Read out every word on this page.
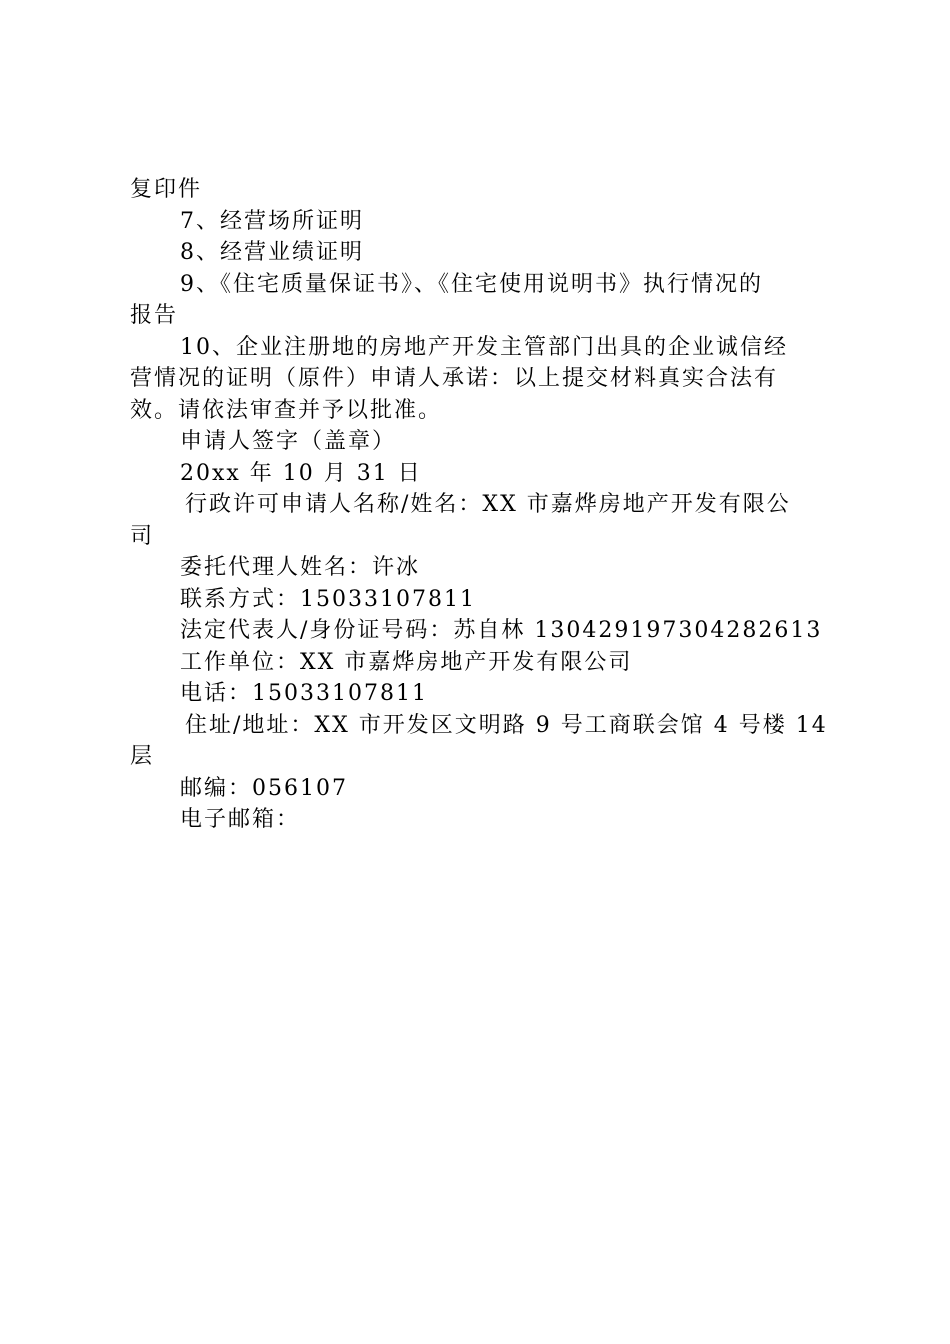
复印件
7、经营场所证明
8、经营业绩证明
9、《住宅质量保证书》、《住宅使用说明书》执行情况的
报告
10、企业注册地的房地产开发主管部门出具的企业诚信经
营情况的证明（原件）申请人承诺：以上提交材料真实合法有
效。请依法审查并予以批准。
申请人签字（盖章）
20xx 年 10 月 31 日
行政许可申请人名称/姓名：XX 市嘉烨房地产开发有限公
司
委托代理人姓名：许冰
联系方式：15033107811
法定代表人/身份证号码：苏自林 130429197304282613
工作单位：XX 市嘉烨房地产开发有限公司
电话：15033107811
住址/地址：XX 市开发区文明路 9 号工商联会馆 4 号楼 14
层
邮编：056107
电子邮箱：
